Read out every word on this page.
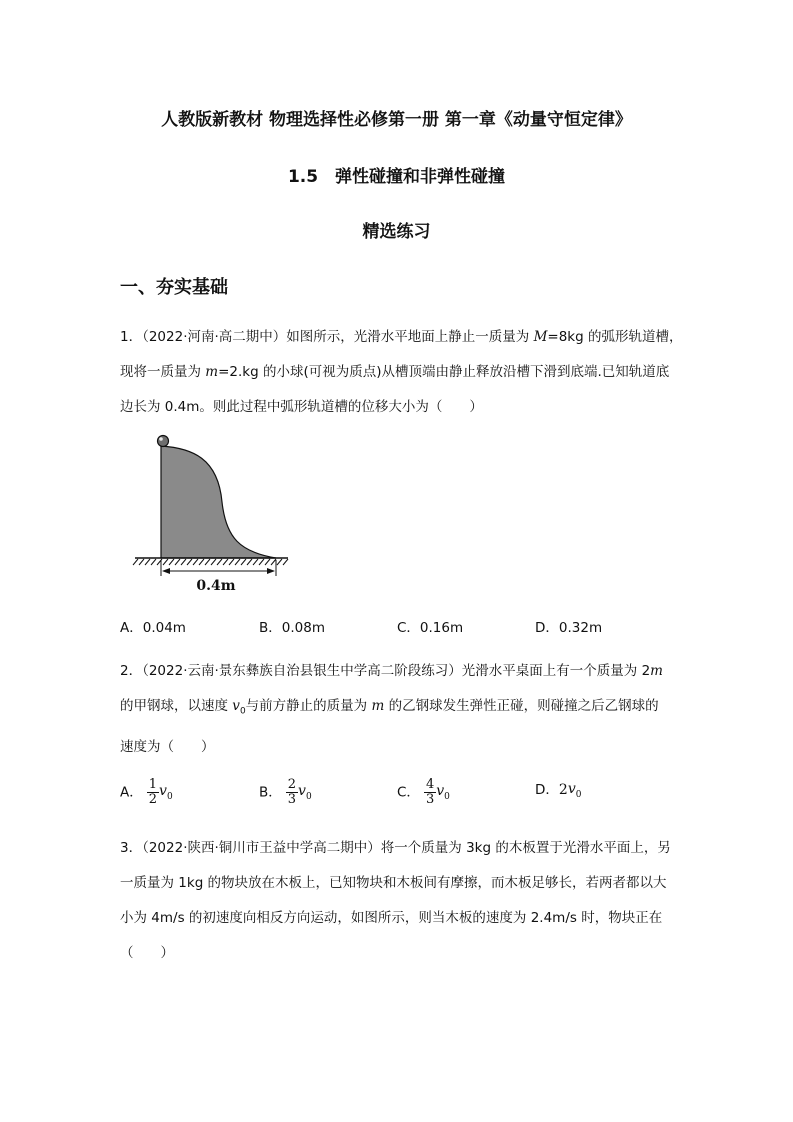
人教版新教材 物理选择性必修第一册 第一章《动量守恒定律》
1.5　弹性碰撞和非弹性碰撞
精选练习
一、夯实基础
1．（2022·河南·高二期中）如图所示，光滑水平地面上静止一质量为 M=8kg 的弧形轨道槽，
现将一质量为 m=2.kg 的小球(可视为质点)从槽顶端由静止释放沿槽下滑到底端.已知轨道底
边长为 0.4m。则此过程中弧形轨道槽的位移大小为（　　）
0.4m
A．0.04m	B．0.08m	C．0.16m	D．0.32m
2．（2022·云南·景东彝族自治县银生中学高二阶段练习）光滑水平桌面上有一个质量为 2m
的甲钢球，以速度 $v_0$与前方静止的质量为 m 的乙钢球发生弹性正碰，则碰撞之后乙钢球的
速度为（　　）
A． $\frac{1}{2} v_0$	B． $\frac{2}{3} v_0$	C． $\frac{4}{3} v_0$	D．$2v_0$
3．（2022·陕西·铜川市王益中学高二期中）将一个质量为 3kg 的木板置于光滑水平面上，另
一质量为 1kg 的物块放在木板上，已知物块和木板间有摩擦，而木板足够长，若两者都以大
小为 4m/s 的初速度向相反方向运动，如图所示，则当木板的速度为 2.4m/s 时，物块正在
（　　）
